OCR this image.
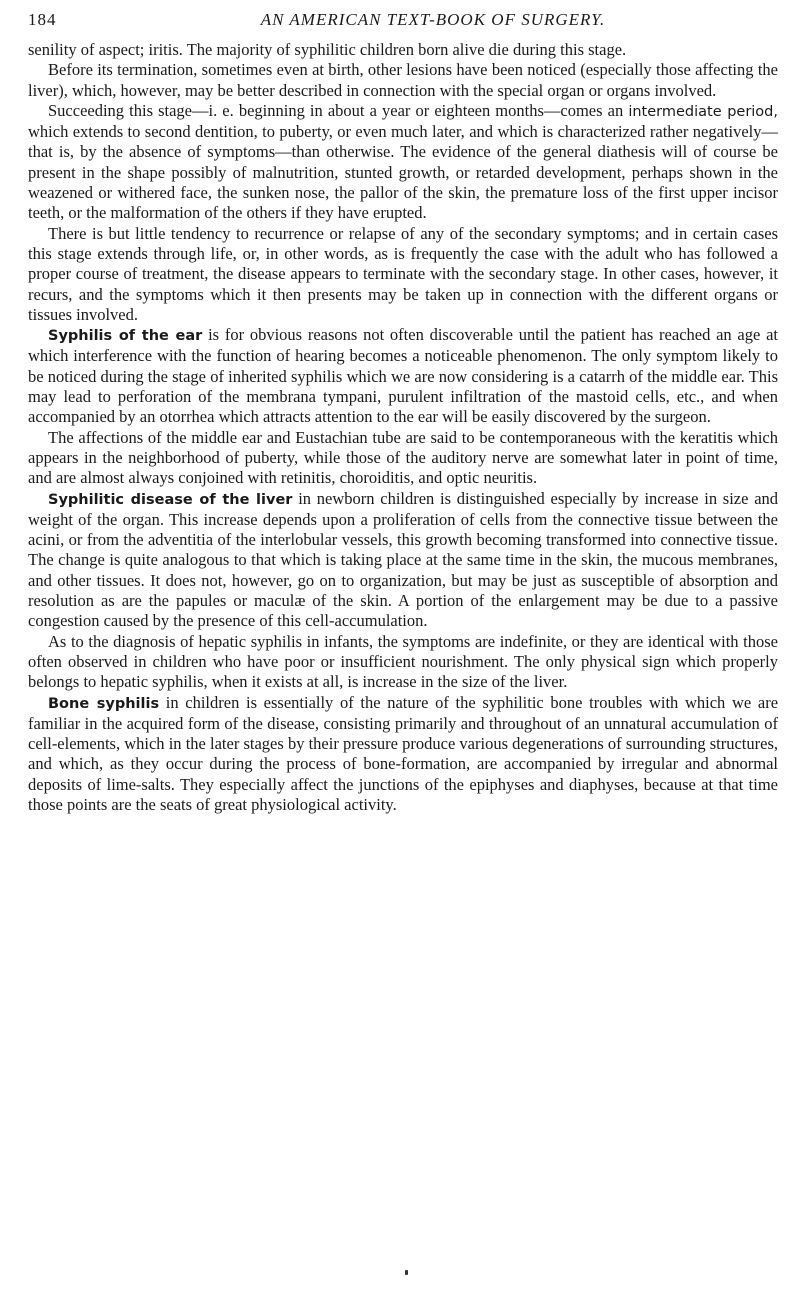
184	AN AMERICAN TEXT-BOOK OF SURGERY.

senility of aspect; iritis. The majority of syphilitic children born alive die during this stage.

Before its termination, sometimes even at birth, other lesions have been noticed (especially those affecting the liver), which, however, may be better described in connection with the special organ or organs involved.

Succeeding this stage—i. e. beginning in about a year or eighteen months—comes an intermediate period, which extends to second dentition, to puberty, or even much later, and which is characterized rather negatively—that is, by the absence of symptoms—than otherwise. The evidence of the general diathesis will of course be present in the shape possibly of malnutrition, stunted growth, or retarded development, perhaps shown in the weazened or withered face, the sunken nose, the pallor of the skin, the premature loss of the first upper incisor teeth, or the malformation of the others if they have erupted.

There is but little tendency to recurrence or relapse of any of the secondary symptoms; and in certain cases this stage extends through life, or, in other words, as is frequently the case with the adult who has followed a proper course of treatment, the disease appears to terminate with the secondary stage. In other cases, however, it recurs, and the symptoms which it then presents may be taken up in connection with the different organs or tissues involved.

Syphilis of the ear is for obvious reasons not often discoverable until the patient has reached an age at which interference with the function of hearing becomes a noticeable phenomenon. The only symptom likely to be noticed during the stage of inherited syphilis which we are now considering is a catarrh of the middle ear. This may lead to perforation of the membrana tympani, purulent infiltration of the mastoid cells, etc., and when accompanied by an otorrhea which attracts attention to the ear will be easily discovered by the surgeon.

The affections of the middle ear and Eustachian tube are said to be contemporaneous with the keratitis which appears in the neighborhood of puberty, while those of the auditory nerve are somewhat later in point of time, and are almost always conjoined with retinitis, choroiditis, and optic neuritis.

Syphilitic disease of the liver in newborn children is distinguished especially by increase in size and weight of the organ. This increase depends upon a proliferation of cells from the connective tissue between the acini, or from the adventitia of the interlobular vessels, this growth becoming transformed into connective tissue. The change is quite analogous to that which is taking place at the same time in the skin, the mucous membranes, and other tissues. It does not, however, go on to organization, but may be just as susceptible of absorption and resolution as are the papules or maculæ of the skin. A portion of the enlargement may be due to a passive congestion caused by the presence of this cell-accumulation.

As to the diagnosis of hepatic syphilis in infants, the symptoms are indefinite, or they are identical with those often observed in children who have poor or insufficient nourishment. The only physical sign which properly belongs to hepatic syphilis, when it exists at all, is increase in the size of the liver.

Bone syphilis in children is essentially of the nature of the syphilitic bone troubles with which we are familiar in the acquired form of the disease, consisting primarily and throughout of an unnatural accumulation of cell-elements, which in the later stages by their pressure produce various degenerations of surrounding structures, and which, as they occur during the process of bone-formation, are accompanied by irregular and abnormal deposits of lime-salts. They especially affect the junctions of the epiphyses and diaphyses, because at that time those points are the seats of great physiological activity.
